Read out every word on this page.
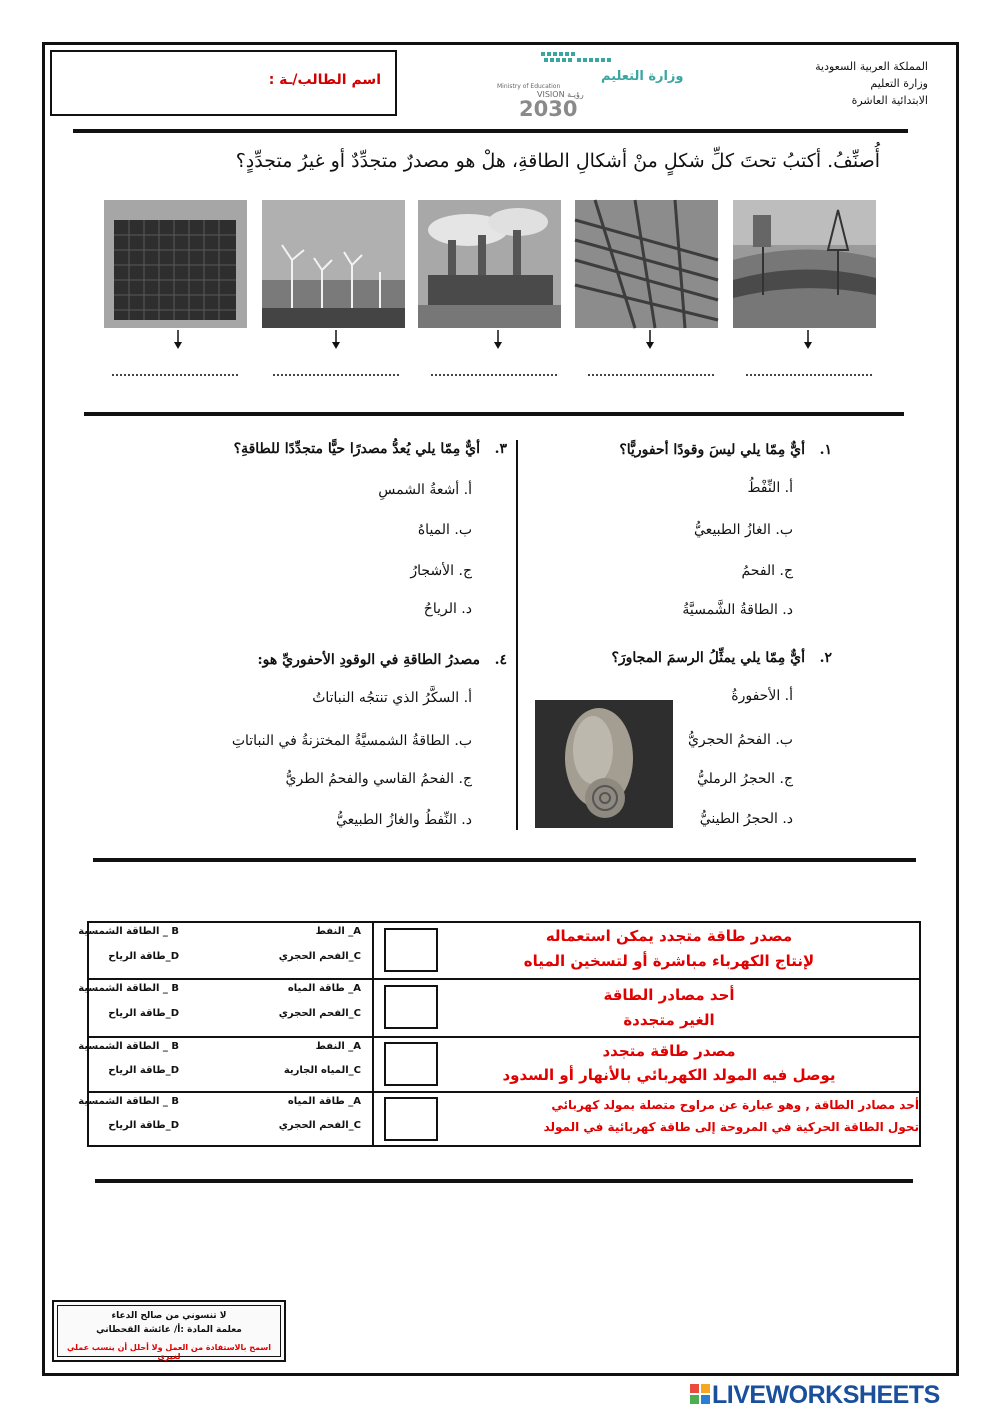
المملكة العربية السعودية
وزارة التعليم
الابتدائية العاشرة
وزارة التعليم
Ministry of Education
VISION رؤيـة
2030
اسم الطالب/ـة :
أُصنِّفُ. أكتبُ تحتَ كلِّ شكلٍ منْ أشكالِ الطاقةِ، هلْ هو مصدرٌ متجدِّدٌ أو غيرُ متجدِّدٍ؟
١.   أيٌّ مِمّا يلي ليسَ وقودًا أحفوريًّا؟
أ. النِّفْطُ
ب. الغازُ الطبيعيُّ
ج. الفحمُ
د. الطاقةُ الشَّمسيَّةُ
٢.   أيٌّ مِمّا يلي يمثِّلُ الرسمَ المجاورَ؟
أ. الأحفورةُ
ب. الفحمُ الحجريُّ
ج. الحجرُ الرمليُّ
د. الحجرُ الطينيُّ
٣.   أيٌّ مِمّا يلي يُعدُّ مصدرًا حيًّا متجدِّدًا للطاقةِ؟
أ. أشعةُ الشمسِ
ب. المياهُ
ج. الأشجارُ
د. الرياحُ
٤.   مصدرُ الطاقةِ في الوقودِ الأحفوريِّ هو:
أ. السكَّرُ الذي تنتجُه النباتاتُ
ب. الطاقةُ الشمسيَّةُ المختزنةُ في النباتاتِ
ج. الفحمُ القاسي والفحمُ الطريُّ
د. النِّفطُ والغازُ الطبيعيُّ
A_ النفط
B _ الطاقة الشمسية
C_الفحم الحجري
D_طاقة الرياح
مصدر طاقة متجدد يمكن استعماله
لإنتاج الكهرباء مباشرة أو لتسخين المياه
A_ طاقة المياه
B _ الطاقة الشمسية
C_الفحم الحجري
D_طاقة الرياح
أحد مصادر الطاقة
الغير متجددة
A_ النفط
B _ الطاقة الشمسية
C_المياه الجارية
D_طاقة الرياح
مصدر طاقة متجدد
يوصل فيه المولد الكهربائي بالأنهار أو السدود
A_ طاقة المياه
B _ الطاقة الشمسية
C_الفحم الحجري
D_طاقة الرياح
أحد مصادر الطاقة , وهو عبارة عن مراوح متصلة بمولد كهربائي
تحول الطاقة الحركية في المروحة إلى طاقة كهربائية في المولد
لا تنسوني من صالح الدعاء
معلمة المادة :أ/ عائشة القحطاني
اسمح بالاستفادة من العمل ولا أحلل أن ينسب عملي لغيري
LIVEWORKSHEETS
